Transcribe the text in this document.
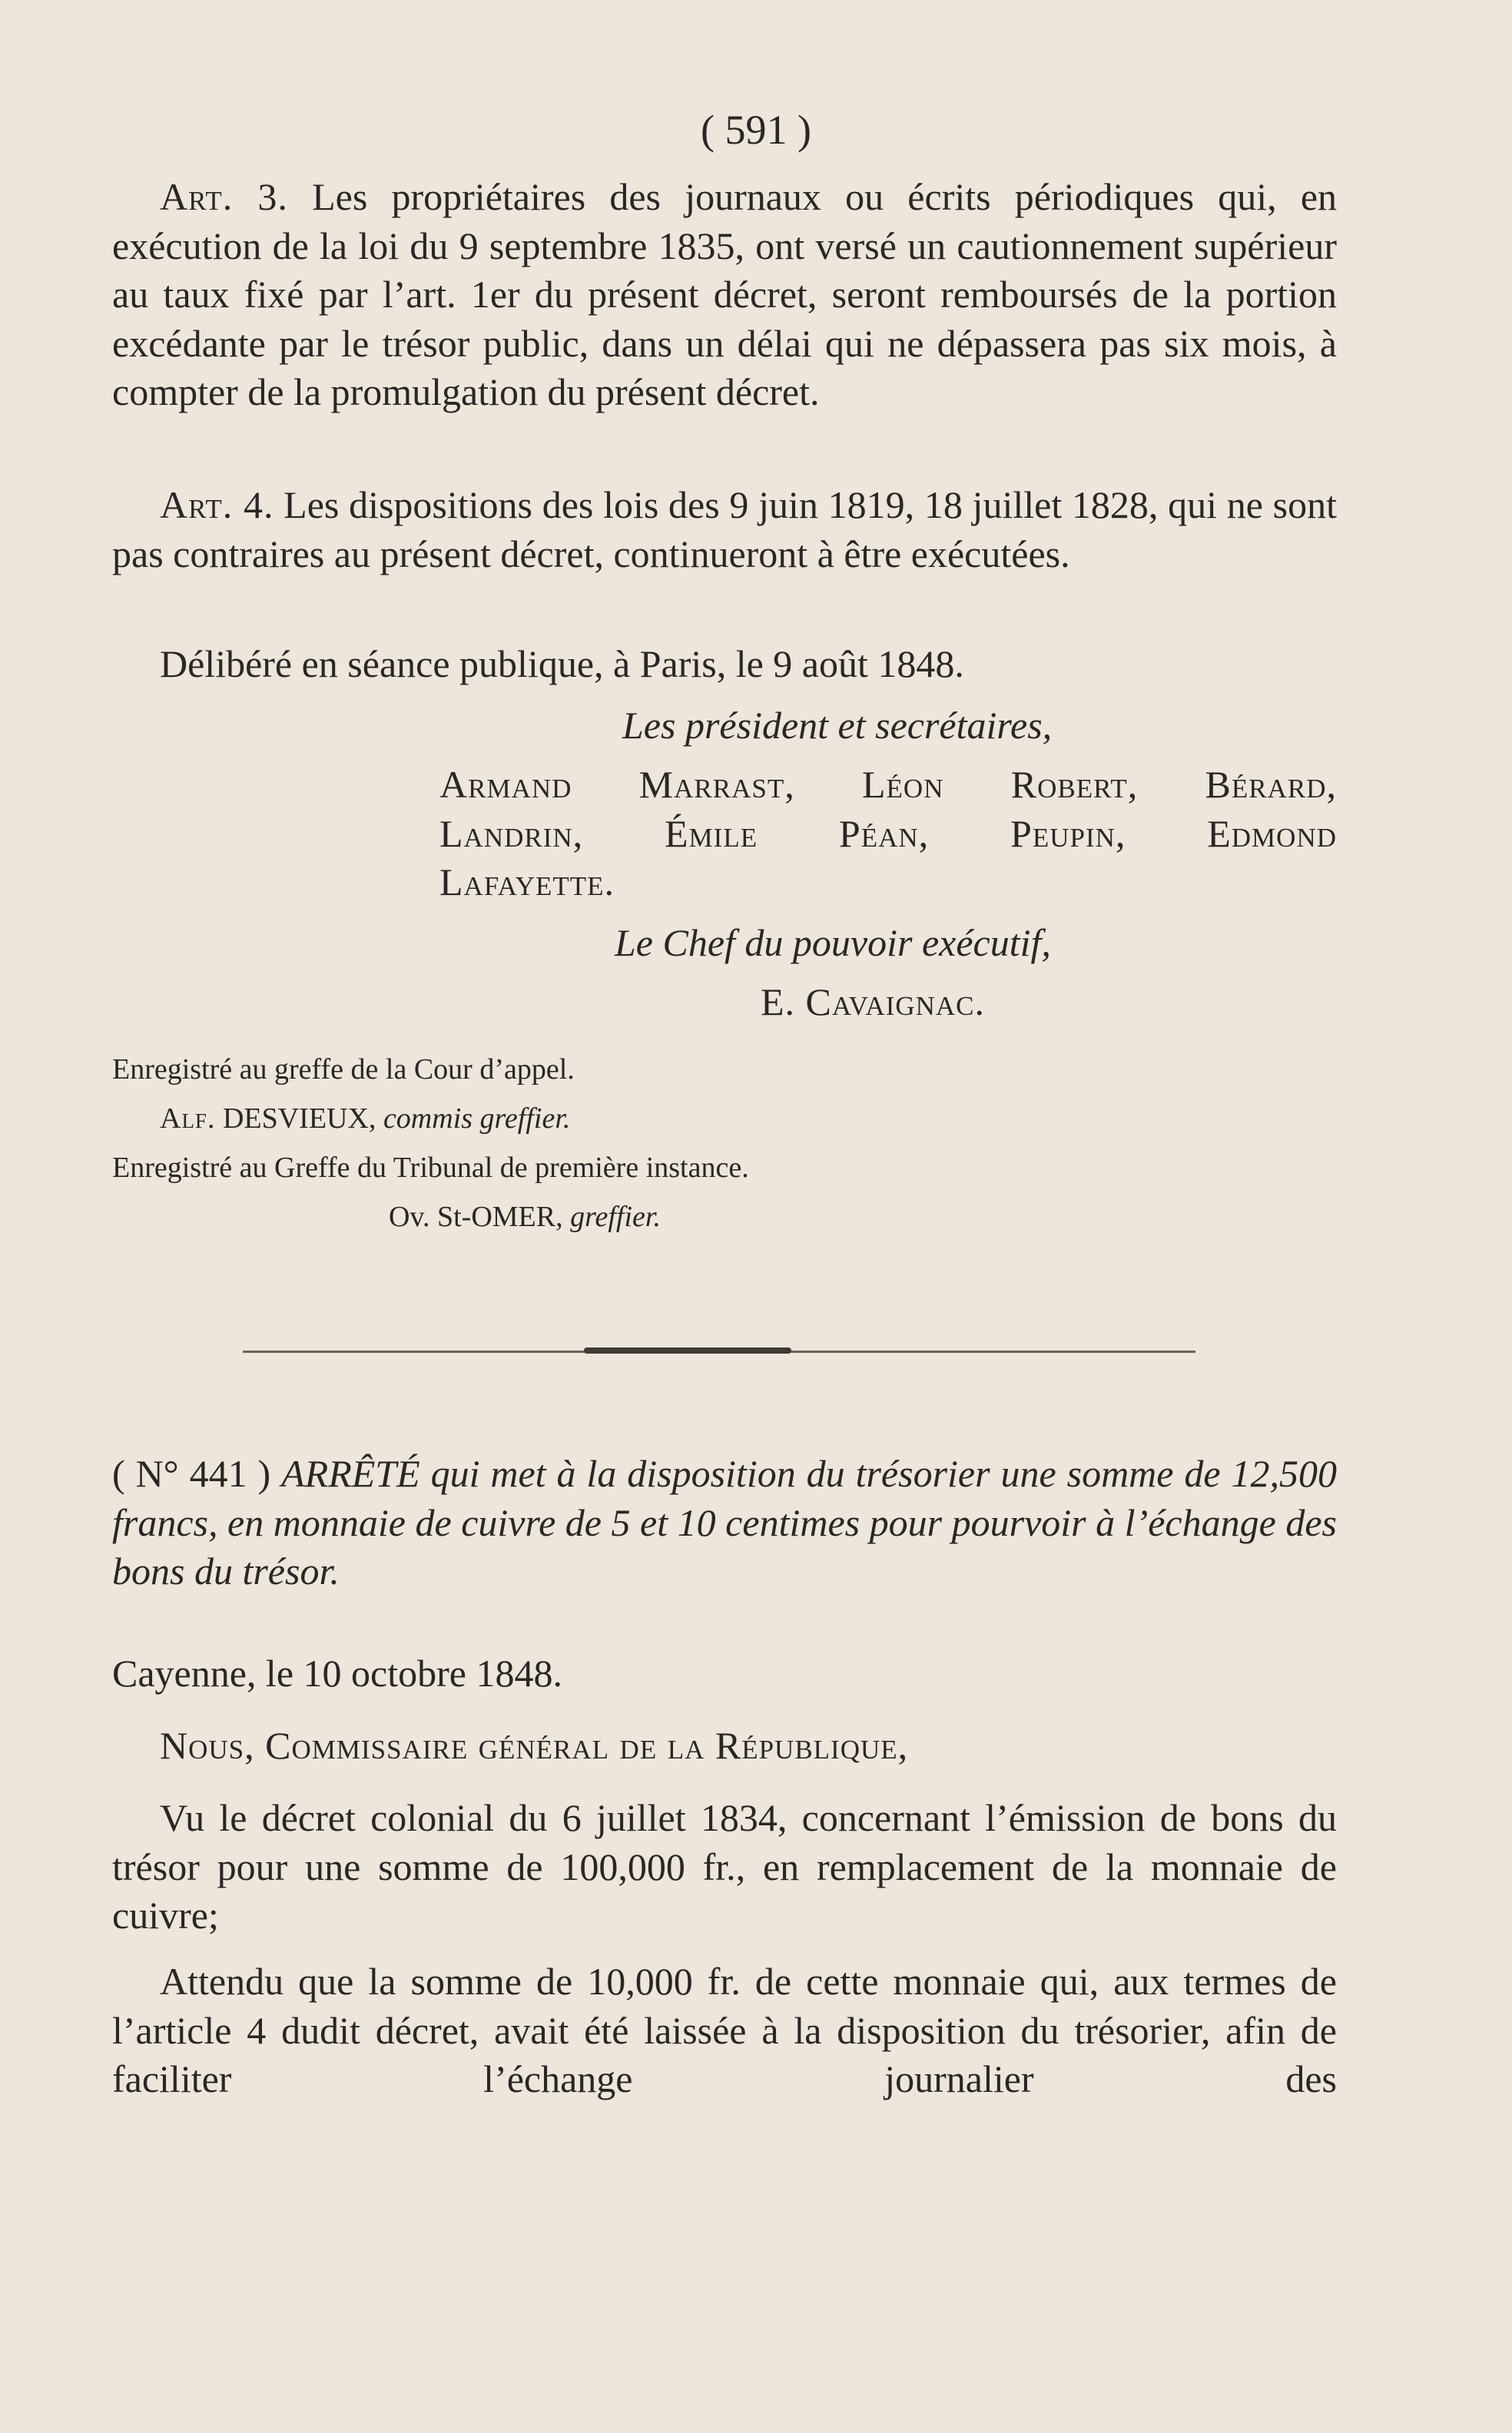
( 591 )

Art. 3. Les propriétaires des journaux ou écrits périodiques qui, en exécution de la loi du 9 septembre 1835, ont versé un cautionnement supérieur au taux fixé par l’art. 1er du présent décret, seront remboursés de la portion excédante par le trésor public, dans un délai qui ne dépassera pas six mois, à compter de la promulgation du présent décret.

Art. 4. Les dispositions des lois des 9 juin 1819, 18 juillet 1828, qui ne sont pas contraires au présent décret, continueront à être exécutées.

Délibéré en séance publique, à Paris, le 9 août 1848.

Les président et secrétaires,

Armand Marrast, Léon Robert, Bérard,

Landrin, Émile Péan, Peupin, Edmond

Lafayette.

Le Chef du pouvoir exécutif,

E. Cavaignac.

Enregistré au greffe de la Cour d’appel.

Alf. DESVIEUX, commis greffier.

Enregistré au Greffe du Tribunal de première instance.

Ov. St-OMER, greffier.

( N° 441 ) ARRÊTÉ qui met à la disposition du trésorier une somme de 12,500 francs, en monnaie de cuivre de 5 et 10 centimes pour pourvoir à l’échange des bons du trésor.

Cayenne, le 10 octobre 1848.

Nous, Commissaire général de la République,

Vu le décret colonial du 6 juillet 1834, concernant l’émission de bons du trésor pour une somme de 100,000 fr., en remplacement de la monnaie de cuivre;

Attendu que la somme de 10,000 fr. de cette monnaie qui, aux termes de l’article 4 dudit décret, avait été laissée à la disposition du trésorier, afin de faciliter l’échange journalier des
